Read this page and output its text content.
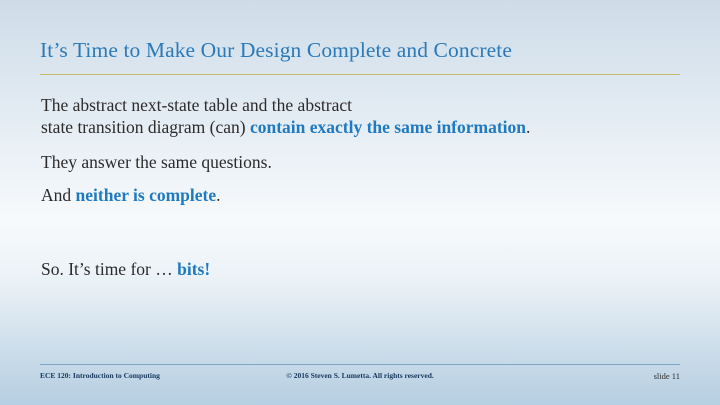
It’s Time to Make Our Design Complete and Concrete

The abstract next-state table and the abstract
state transition diagram (can) contain exactly the same information.

They answer the same questions.

And neither is complete.

So. It’s time for … bits!

ECE 120: Introduction to Computing	© 2016 Steven S. Lumetta. All rights reserved.	slide 11
